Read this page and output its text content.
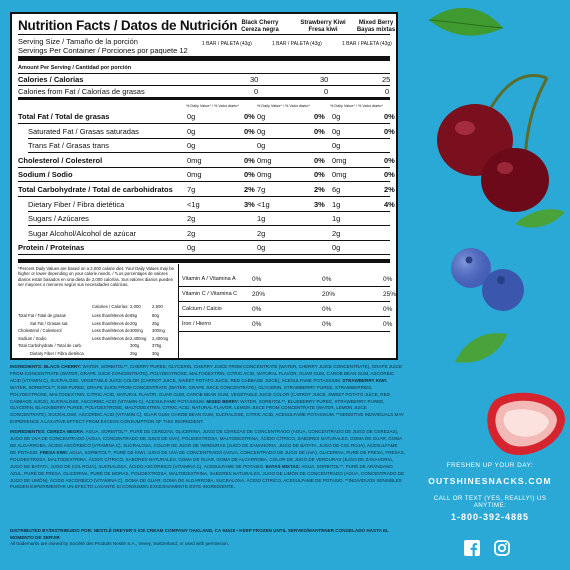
Nutrition Facts / Datos de Nutrición Black Cherry
Cereza negra
Strawberry Kiwi
Fresa kiwi
Mixed Berry
Bayas mixtas
Serving Size / Tamaño de la porción
Servings Per Container / Porciones por paquete 12
1 BAR / PALETA (43g)	1 BAR / PALETA (43g)	1 BAR / PALETA (43g)
Amount Per Serving / Cantidad por porción
Calories / Calorías	30	30	25
Calories from Fat / Calorías de grasas	0	0	0
% Daily Value* / % Valor diario*	% Daily Value* / % Valor diario*	% Daily Value* / % Valor diario*
Total Fat / Total de grasas	0g	0% 0g	0% 0g	0%
Saturated Fat / Grasas saturadas	0g	0% 0g	0% 0g	0%
Trans Fat / Grasas trans	0g	0g	0g
Cholesterol / Colesterol	0mg	0% 0mg	0% 0mg	0%
Sodium / Sodio	0mg	0% 0mg	0% 0mg	0%
Total Carbohydrate / Total de carbohidratos 7g	2% 7g	2% 6g	2%
Dietary Fiber / Fibra dietética	<1g	3% <1g	3% 1g	4%
Sugars / Azúcares	2g	1g	1g
Sugar Alcohol/Alcohol de azúcar	2g	2g	2g
Protein / Proteínas	0g	0g	0g
*Percent Daily Values are based on a 2,000 calorie diet. Your Daily Values may be higher or lower depending on your calorie needs. / *Los porcentajes de valores diarios están basados en una dieta de 2,000 calorías. Sus valores diarios pueden ser mayores o menores según sus necesidades calóricas.
Calories / Calorías: 2,000	2,500
Total Fat / Total de grasas	Less than/Menos de 65g	80g
Sat Fat / Grasas sat.	Less than/Menos de 20g	25g
Cholesterol / Colesterol	Less than/Menos de 300mg 300mg
Sodium / Sodio	Less than/Menos de 2,400mg 2,400mg
Total Carbohydrate / Total de carb.	300g	375g
Dietary Fiber / Fibra dietética	25g	30g
Vitamin A / Vitamina A	0%	0%	0%
Vitamin C / Vitamina C 20%	20%	25%
Calcium / Calcio	0%	0%	0%
Iron / Hierro	0%	0%	0%

INGREDIENTS: BLACK CHERRY: WATER, SORBITOL**, CHERRY PUREE, GLYCERIN, CHERRY JUICE FROM CONCENTRATE (WATER, CHERRY JUICE CONCENTRATE), GRAPE JUICE FROM CONCENTRATE (WATER, GRAPE JUICE CONCENTRATE), POLYDEXTROSE, MALTODEXTRIN, CITRIC ACID, NATURAL FLAVOR, GUAR GUM, CAROB BEAN GUM, ASCORBIC ACID (VITAMIN C), SUCRALOSE, VEGETABLE JUICE COLOR (CARROT JUICE, SWEET POTATO JUICE, RED CABBAGE JUICE), ACESULFAME POTASSIUM. STRAWBERRY KIWI: WATER, SORBITOL**, KIWI PUREE, GRAPE JUICE FROM CONCENTRATE (WATER, GRAPE JUICE CONCENTRATE), GLYCERIN, STRAWBERRY PUREE, STRAWBERRIES, POLYDEXTROSE, MALTODEXTRIN, CITRIC ACID, NATURAL FLAVOR, GUAR GUM, CAROB BEAN GUM, VEGETABLE JUICE COLOR (CARROT JUICE, SWEET POTATO JUICE, RED CABBAGE JUICE), SUCRALOSE, ASCORBIC ACID (VITAMIN C), ACESULFAME POTASSIUM. MIXED BERRY: WATER, SORBITOL**, BLUEBERRY PUREE, STRAWBERRY PUREE, GLYCERIN, BLACKBERRY PUREE, POLYDEXTROSE, MALTODEXTRIN, CITRIC ACID, NATURAL FLAVOR, LEMON JUICE FROM CONCENTRATE (WATER, LEMON JUICE CONCENTRATE), SUCRALOSE, ASCORBIC ACID (VITAMIN C), GUAR GUM, CAROB BEAN GUM, SUCRALOSE, CITRIC ACID, ACESULFAME POTASSIUM. **SENSITIVE INDIVIDUALS MAY EXPERIENCE A LAXATIVE EFFECT FROM EXCESS CONSUMPTION OF THIS INGREDIENT.

INGREDIENTES: CEREZA NEGRA: AGUA, SORBITOL**, PURÉ DE CEREZAS, GLICERINA, JUGO DE CEREZAS DE CONCENTRADO (AGUA, CONCENTRADO DE JUGO DE CEREZAS), JUGO DE UVA DE CONCENTRADO (AGUA, CONCENTRADO DE JUGO DE UVA), POLIDEXTROSA, MALTODEXTRINA, ÁCIDO CÍTRICO, SABORES NATURALES, GOMA DE GUAR, GOMA DE ALGARROBA, ÁCIDO ASCÓRBICO (VITAMINA C), SUCRALOSA, COLOR DE JUGO DE VERDURAS (JUGO DE ZANAHORIA, JUGO DE BATATA, JUGO DE COL ROJA), ACESULFAME DE POTASIO. FRESA KIWI: AGUA, SORBITOL**, PURÉ DE KIWI, JUGO DE UVA DE CONCENTRADO (AGUA, CONCENTRADO DE JUGO DE UVA), GLICERINA, PURÉ DE FRESA, FRESAS, POLIDEXTROSA, MALTODEXTRINA, ÁCIDO CÍTRICO, SABORES NATURALES, GOMA DE GUAR, GOMA DE ALGARROBA, COLOR DE JUGO DE VERDURAS (JUGO DE ZANAHORIA, JUGO DE BATATA, JUGO DE COL ROJA), SUCRALOSA, ÁCIDO ASCÓRBICO (VITAMINA C), ACESULFAME DE POTASIO. BAYAS MIXTAS: AGUA, SORBITOL**, PURÉ DE ARÁNDANO AZUL, PURÉ DE FRESA, GLICERINA, PURÉ DE MORAS, POLIDEXTROSA, MALTODEXTRINA, SABORES NATURALES, JUGO DE LIMÓN DE CONCENTRADO (AGUA, CONCENTRADO DE JUGO DE LIMÓN), ÁCIDO ASCÓRBICO (VITAMINA C), GOMA DE GUAR, GOMA DE ALGARROBA, SUCRALOSA, ÁCIDO CÍTRICO, ACESULFAME DE POTASIO. **INDIVIDUOS SENSIBLES PUEDEN EXPERIMENTAR UN EFECTO LAXANTE SI CONSUMEN EXCESIVAMENTE ESTE INGREDIENTE.

DISTRIBUTED BY/DISTRIBUIDO POR: NESTLÉ DREYER'S ICE CREAM COMPANY OAKLAND, CA 94618 • KEEP FROZEN UNTIL SERVED/MANTENER CONGELADO HASTA EL MOMENTO DE SERVIR
All trademarks are owned by Société des Produits Nestlé S.A., Vevey, Switzerland, or used with permission.
FRESHEN UP YOUR DAY:
OUTSHINESNACKS.COM
CALL OR TEXT (YES, REALLY!) US ANYTIME:
1-800-392-4885
